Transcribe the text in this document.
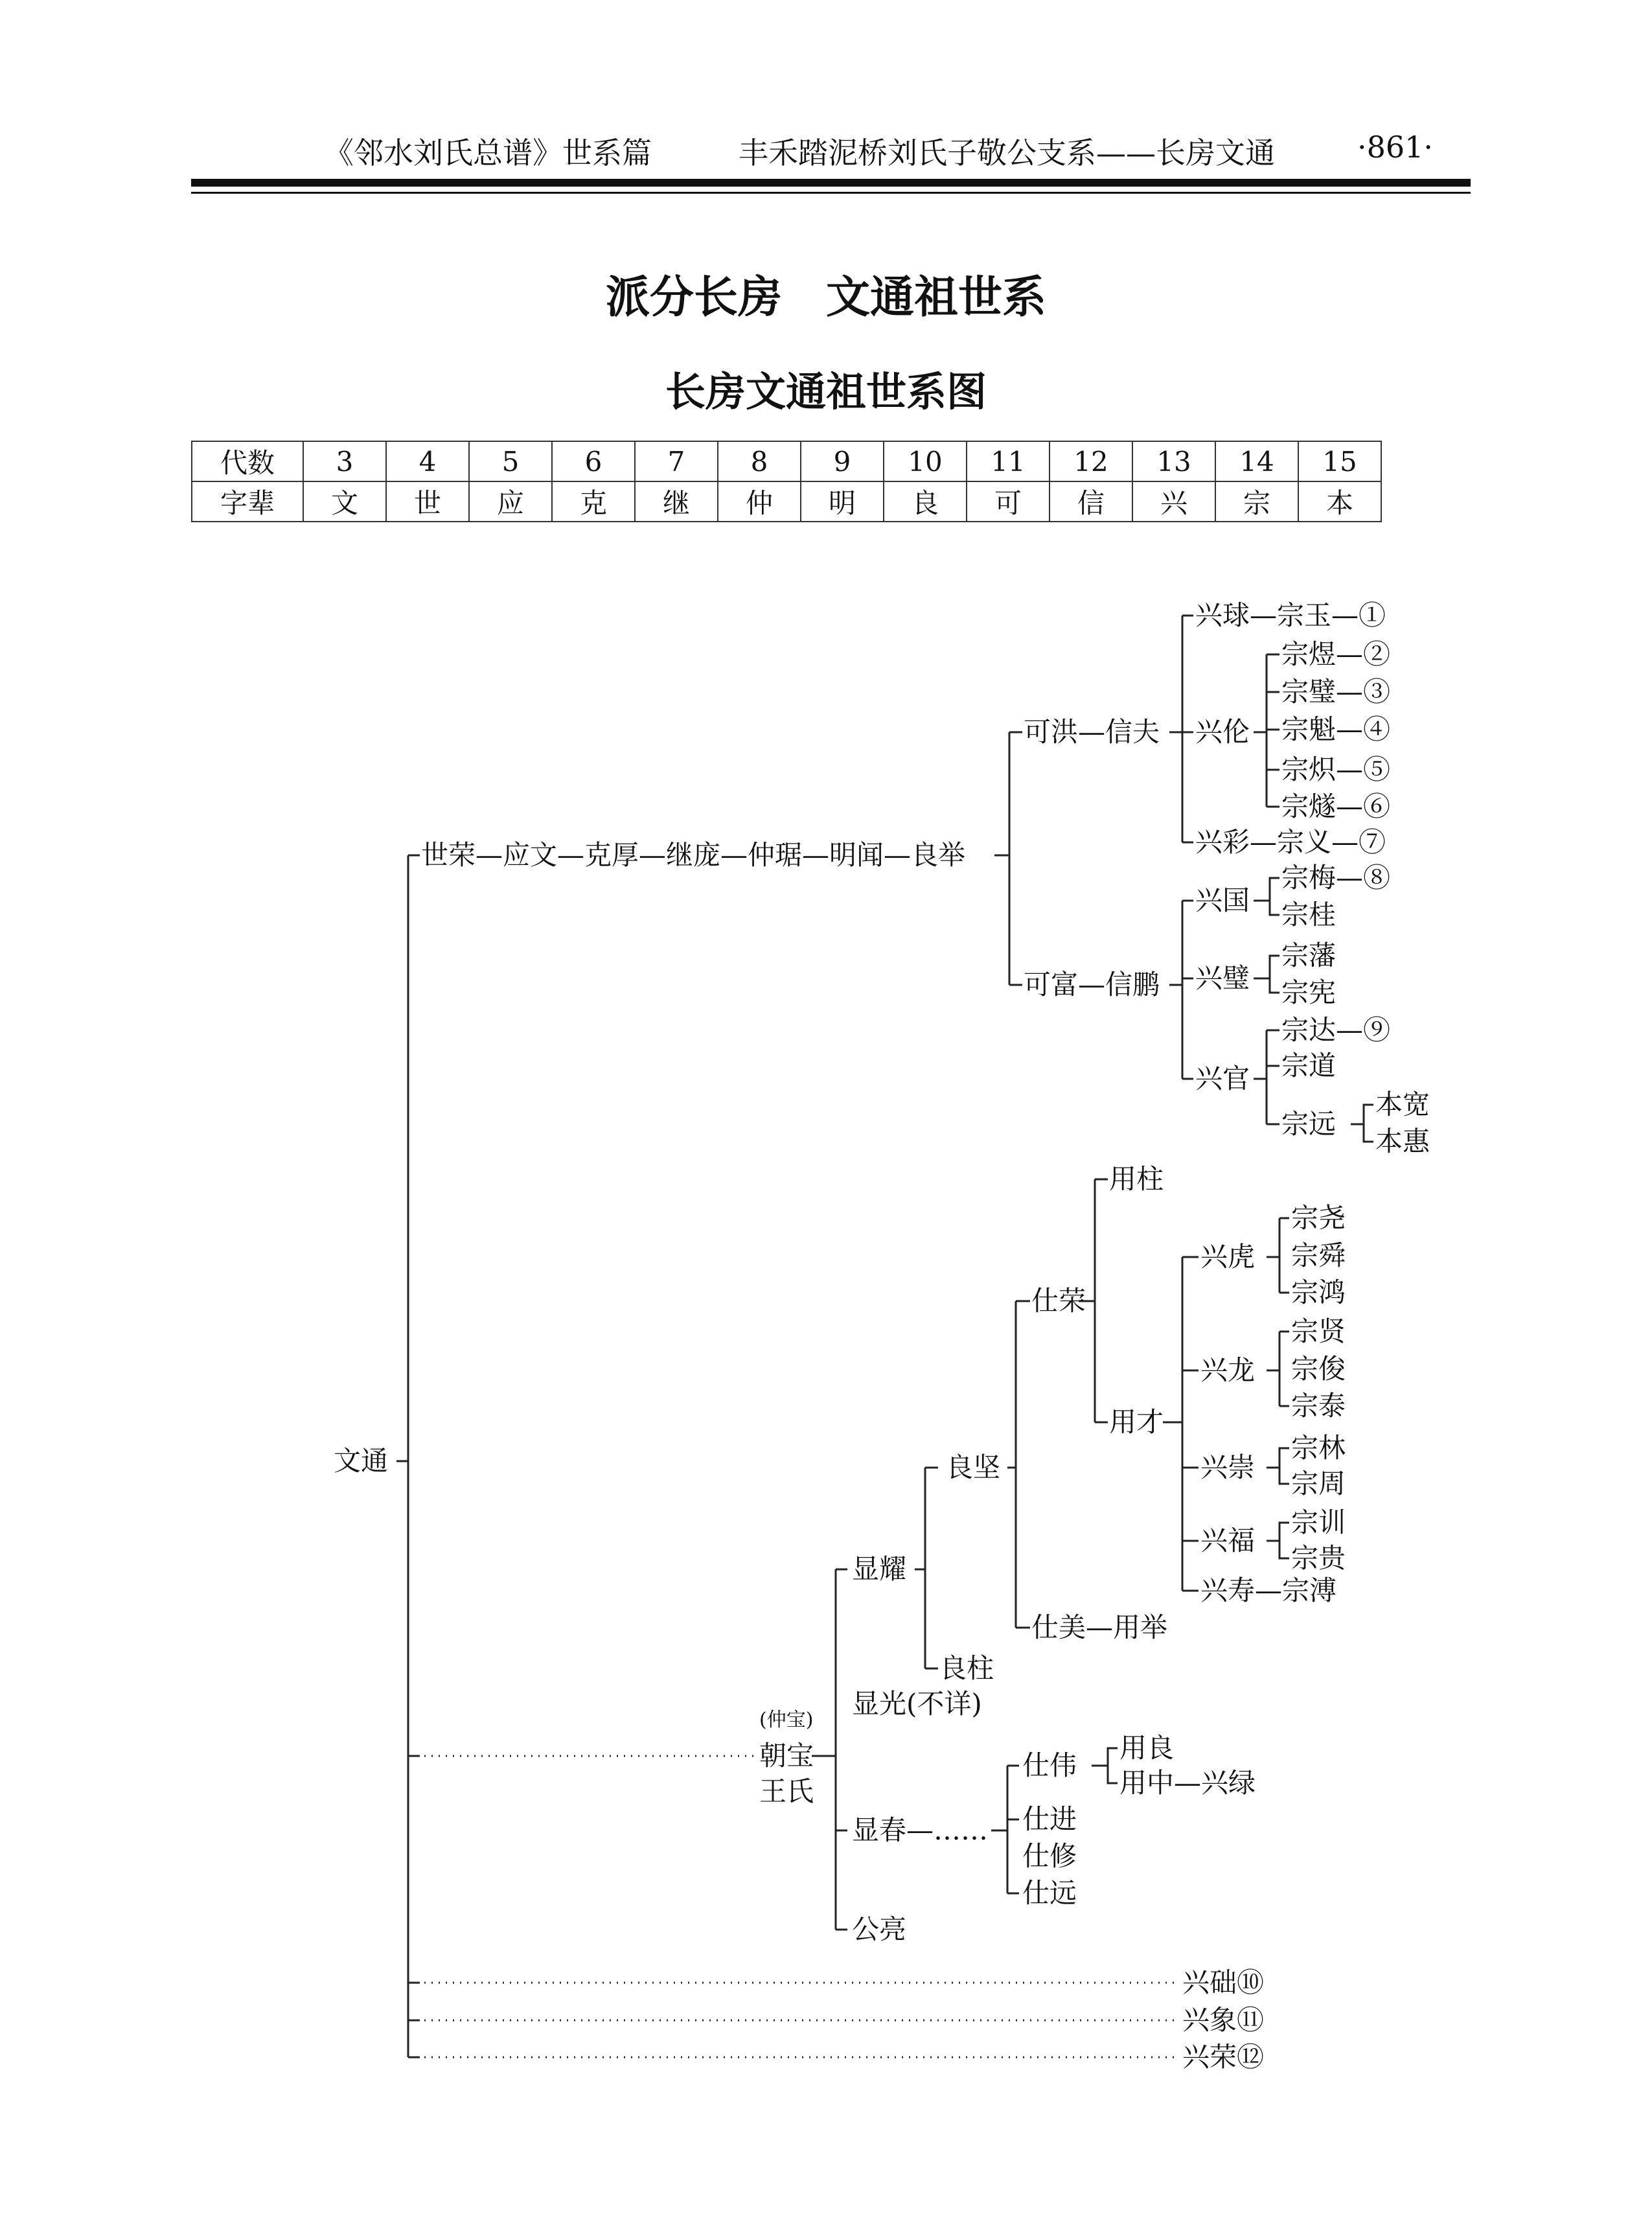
《邻水刘氏总谱》世系篇	丰禾踏泥桥刘氏子敬公支系——长房文通	·861·
派分长房　文通祖世系
长房文通祖世系图
代数	3	4	5	6	7	8	9	10	11	12	13	14	15
字辈	文	世	应	克	继	仲	明	良	可	信	兴	宗	本
文通
世荣—应文—克厚—继庞—仲琚—明闻—良举
可洪—信夫
兴球—宗玉—①
宗煜—②
宗璧—③
宗魁—④
宗炽—⑤
宗燧—⑥
兴伦
兴彩—宗义—⑦
可富—信鹏
兴国
宗梅—⑧
宗桂
兴璧
宗藩
宗宪
兴官
宗达—⑨
宗道
宗远
本宽
本惠
用柱
仕荣
兴虎
宗尧
宗舜
宗鸿
兴龙
宗贤
宗俊
宗泰
用才
兴崇
宗林
宗周
兴福
宗训
宗贵
兴寿—宗溥
良坚
显耀
仕美—用举
良柱
显光(不详)
(仲宝)
朝宝
王氏
仕伟
用良
用中—兴绿
显春—…… 仕进
仕修
仕远
公亮
兴础⑩
兴象⑪
兴荣⑫
